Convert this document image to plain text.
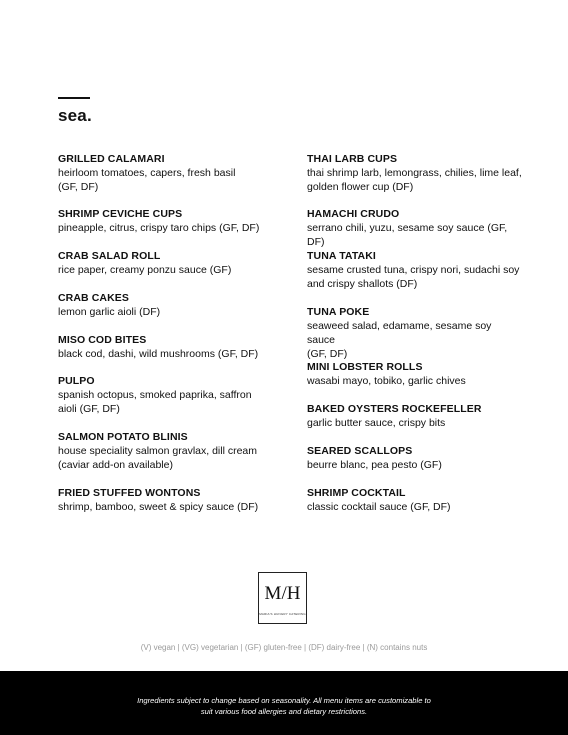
sea.
GRILLED CALAMARI
heirloom tomatoes, capers, fresh basil
(GF, DF)
SHRIMP CEVICHE CUPS
pineapple, citrus, crispy taro chips (GF, DF)
CRAB SALAD ROLL
rice paper, creamy ponzu sauce (GF)
CRAB CAKES
lemon garlic aioli (DF)
MISO COD BITES
black cod, dashi, wild mushrooms (GF, DF)
PULPO
spanish octopus, smoked paprika, saffron
aioli (GF, DF)
SALMON POTATO BLINIS
house speciality salmon gravlax, dill cream
(caviar add-on available)
FRIED STUFFED WONTONS
shrimp, bamboo, sweet & spicy sauce (DF)
THAI LARB CUPS
thai shrimp larb, lemongrass, chilies, lime leaf,
golden flower cup (DF)
HAMACHI CRUDO
serrano chili, yuzu, sesame soy sauce (GF, DF)
TUNA TATAKI
sesame crusted tuna, crispy nori, sudachi soy
and crispy shallots (DF)
TUNA POKE
seaweed salad, edamame, sesame soy sauce
(GF, DF)
MINI LOBSTER ROLLS
wasabi mayo, tobiko, garlic chives
BAKED OYSTERS ROCKEFELLER
garlic butter sauce, crispy bits
SEARED SCALLOPS
beurre blanc, pea pesto (GF)
SHRIMP COCKTAIL
classic cocktail sauce (GF, DF)
M/H
MARIA'S HUNGRY CATERING
(V) vegan | (VG) vegetarian | (GF) gluten-free | (DF) dairy-free | (N) contains nuts
Ingredients subject to change based on seasonality. All menu items are customizable to
suit various food allergies and dietary restrictions.
